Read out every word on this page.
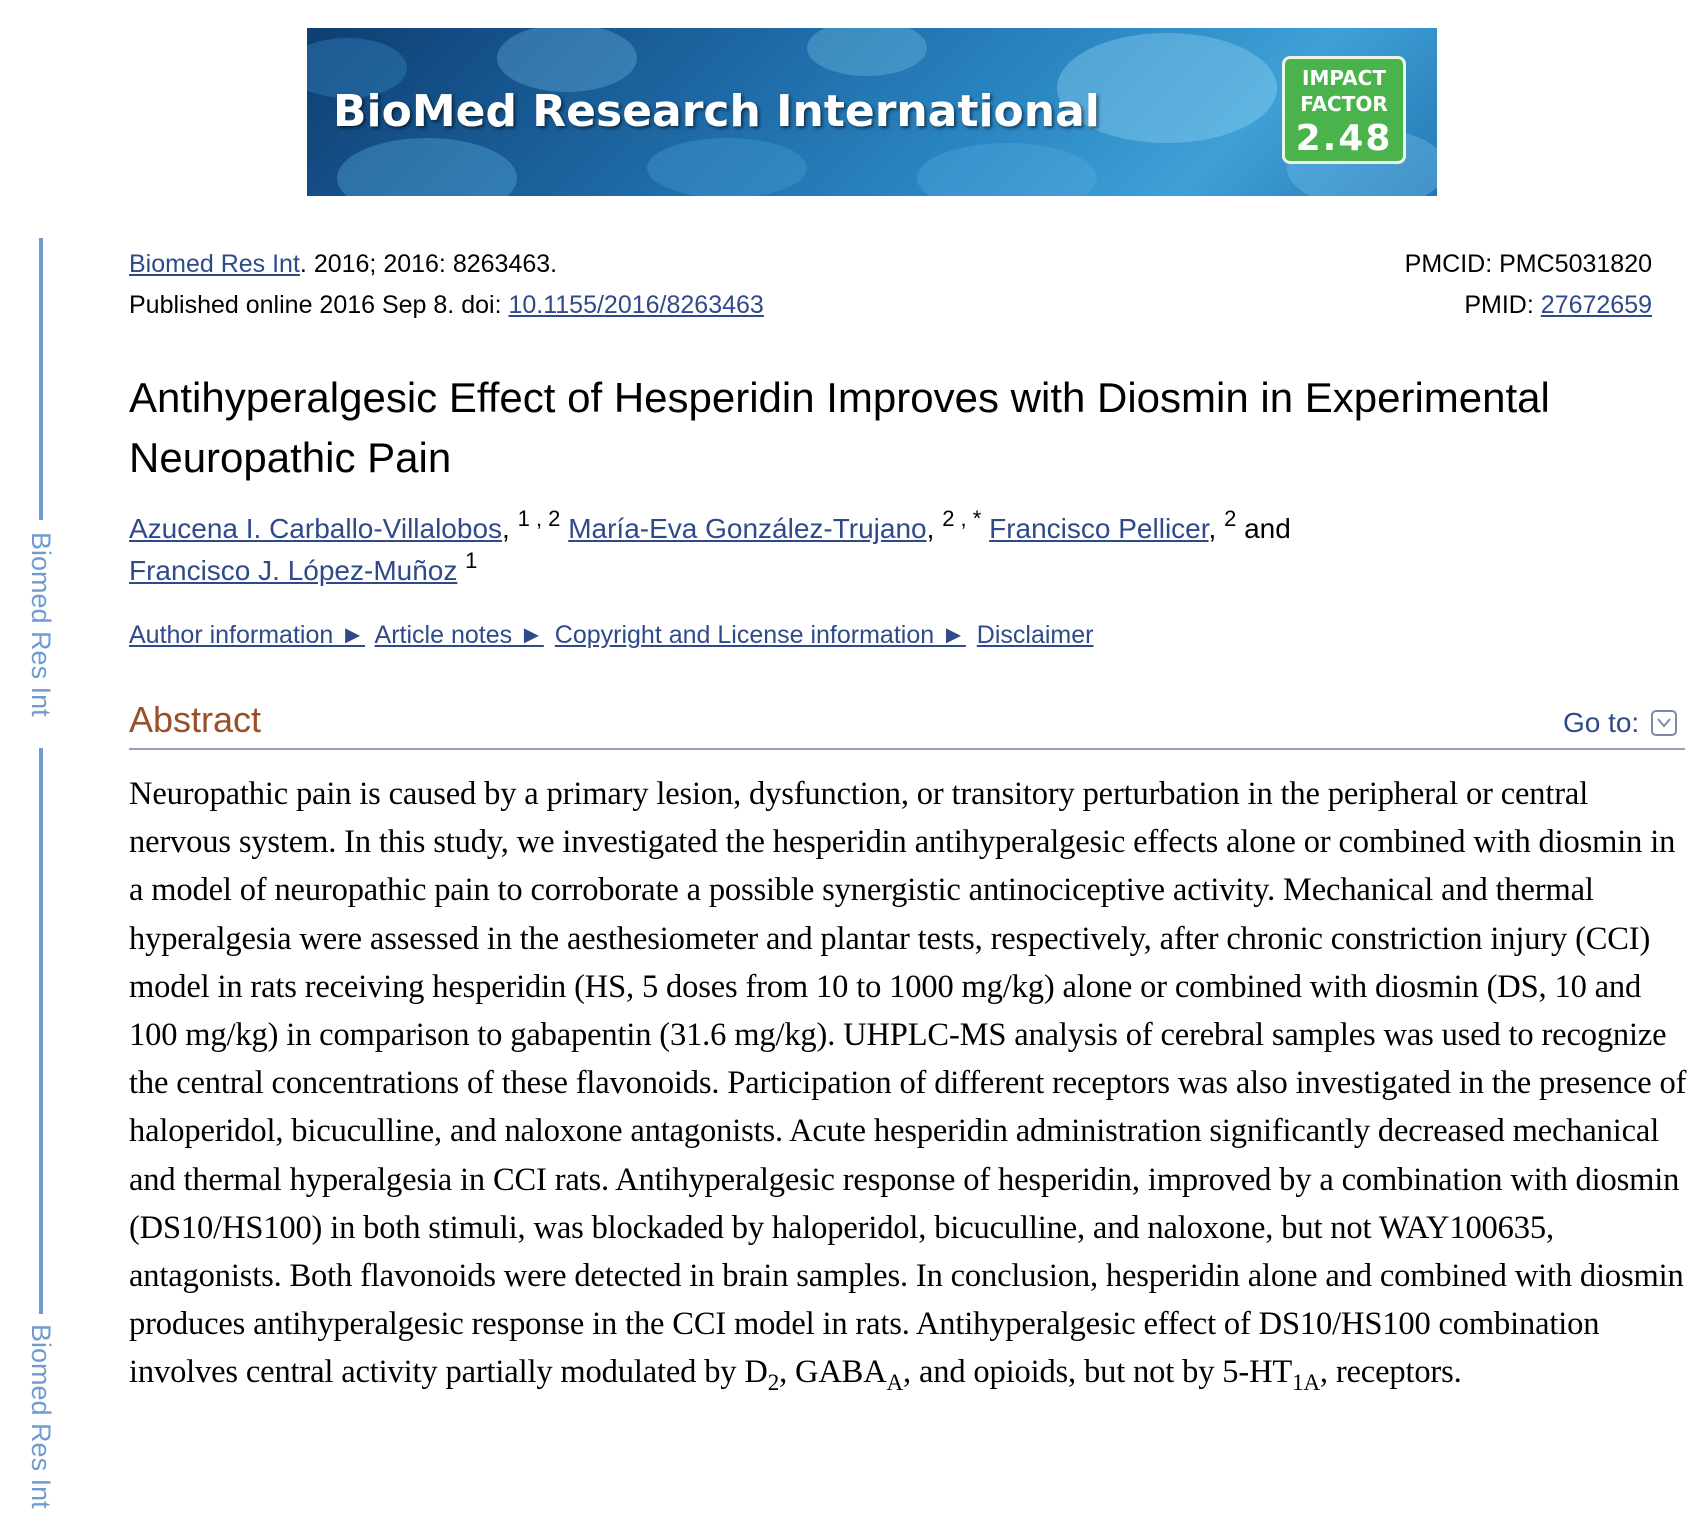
BioMed Research International
IMPACT
FACTOR
2.48
Biomed Res Int
Biomed Res Int
Biomed Res Int. 2016; 2016: 8263463.
Published online 2016 Sep 8. doi: 10.1155/2016/8263463
PMCID: PMC5031820
PMID: 27672659
Antihyperalgesic Effect of Hesperidin Improves with Diosmin in Experimental Neuropathic Pain
Azucena I. Carballo-Villalobos, $^{1 , 2}$ María-Eva González-Trujano, $^{2 , *}$ Francisco Pellicer, $^2$ and
Francisco J. López-Muñoz $^1$
Author information ► Article notes ► Copyright and License information ► Disclaimer
Abstract	Go to:

Neuropathic pain is caused by a primary lesion, dysfunction, or transitory perturbation in the peripheral or central nervous system. In this study, we investigated the hesperidin antihyperalgesic effects alone or combined with diosmin in a model of neuropathic pain to corroborate a possible synergistic antinociceptive activity. Mechanical and thermal hyperalgesia were assessed in the aesthesiometer and plantar tests, respectively, after chronic constriction injury (CCI) model in rats receiving hesperidin (HS, 5 doses from 10 to 1000 mg/kg) alone or combined with diosmin (DS, 10 and 100 mg/kg) in comparison to gabapentin (31.6 mg/kg). UHPLC-MS analysis of cerebral samples was used to recognize the central concentrations of these flavonoids. Participation of different receptors was also investigated in the presence of haloperidol, bicuculline, and naloxone antagonists. Acute hesperidin administration significantly decreased mechanical and thermal hyperalgesia in CCI rats. Antihyperalgesic response of hesperidin, improved by a combination with diosmin (DS10/HS100) in both stimuli, was blockaded by haloperidol, bicuculline, and naloxone, but not WAY100635, antagonists. Both flavonoids were detected in brain samples. In conclusion, hesperidin alone and combined with diosmin produces antihyperalgesic response in the CCI model in rats. Antihyperalgesic effect of DS10/HS100 combination involves central activity partially modulated by $D_2$, $GABA_A$, and opioids, but not by $5-HT_{1A}$, receptors.
